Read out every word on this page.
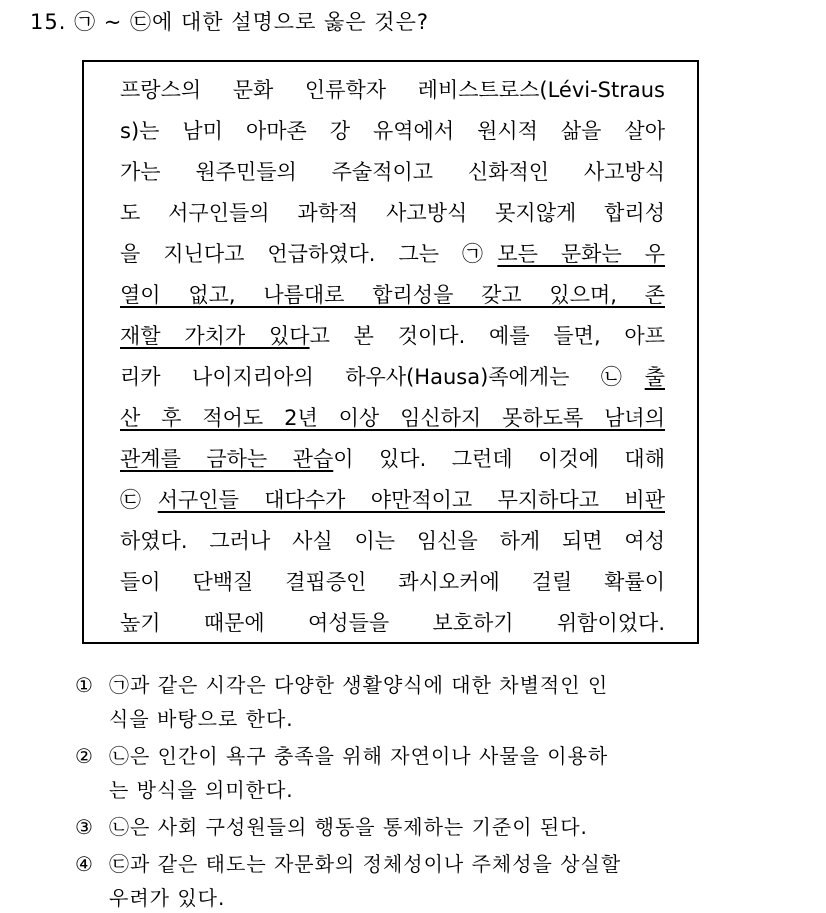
15. ㉠ ~ ㉢에 대한 설명으로 옳은 것은?
프랑스의 문화 인류학자 레비스트로스(Lévi-Straus
s)는 남미 아마존 강 유역에서 원시적 삶을 살아
가는 원주민들의 주술적이고 신화적인 사고방식
도 서구인들의 과학적 사고방식 못지않게 합리성
을 지닌다고 언급하였다. 그는 ㉠모든 문화는 우
열이 없고, 나름대로 합리성을 갖고 있으며, 존
재할 가치가 있다고 본 것이다. 예를 들면, 아프
리카 나이지리아의 하우사(Hausa)족에게는 ㉡출
산 후 적어도 2년 이상 임신하지 못하도록 남녀의
관계를 금하는 관습이 있다. 그런데 이것에 대해
㉢서구인들 대다수가 야만적이고 무지하다고 비판
하였다. 그러나 사실 이는 임신을 하게 되면 여성
들이 단백질 결핍증인 콰시오커에 걸릴 확률이
높기 때문에 여성들을 보호하기 위함이었다.
① ㉠과 같은 시각은 다양한 생활양식에 대한 차별적인 인
식을 바탕으로 한다.
② ㉡은 인간이 욕구 충족을 위해 자연이나 사물을 이용하
는 방식을 의미한다.
③ ㉡은 사회 구성원들의 행동을 통제하는 기준이 된다.
④ ㉢과 같은 태도는 자문화의 정체성이나 주체성을 상실할
우려가 있다.
